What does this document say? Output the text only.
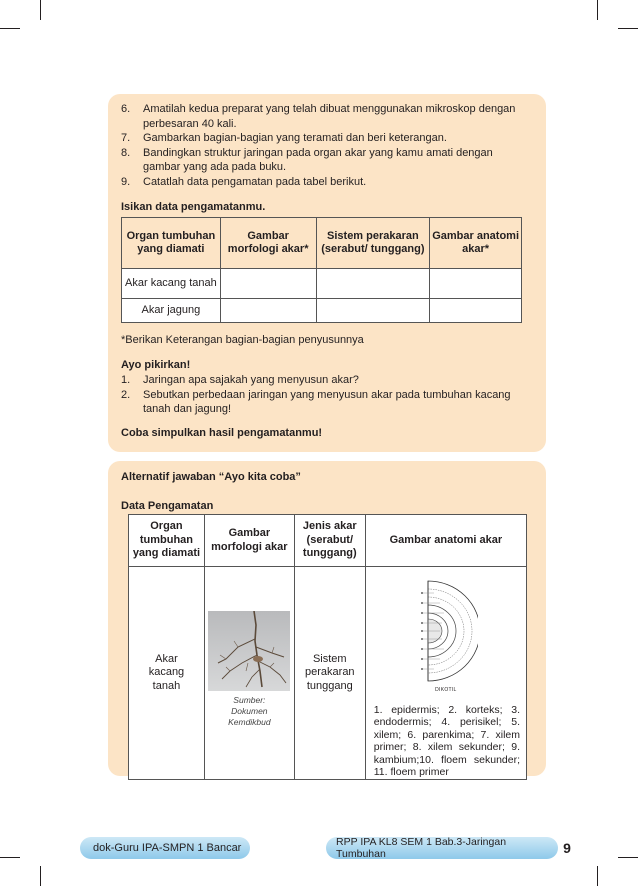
6.	Amatilah kedua preparat yang telah dibuat menggunakan mikroskop dengan perbesaran 40 kali.
7.	Gambarkan bagian-bagian yang teramati dan beri keterangan.
8.	Bandingkan struktur jaringan pada organ akar yang kamu amati dengan gambar yang ada pada buku.
9.	Catatlah data pengamatan pada tabel berikut.
Isikan data pengamatanmu.
Organ tumbuhan yang diamati	Gambar morfologi akar*	Sistem perakaran (serabut/ tunggang)	Gambar anatomi akar*
Akar kacang tanah			
Akar jagung			
*Berikan Keterangan bagian-bagian penyusunnya
Ayo pikirkan!
1.	Jaringan apa sajakah yang menyusun akar?
2.	Sebutkan perbedaan jaringan yang menyusun akar pada tumbuhan kacang tanah dan jagung!
Coba simpulkan hasil pengamatanmu!
Alternatif jawaban “Ayo kita coba”
Data Pengamatan
Organ tumbuhan yang diamati	Gambar morfologi akar	Jenis akar (serabut/ tunggang)	Gambar anatomi akar

Akar kacang tanah	Sumber: Dokumen Kemdikbud	Sistem perakaran tunggang	DIKOTIL
1. epidermis; 2. korteks; 3. endodermis; 4. perisikel; 5. xilem; 6. parenkima; 7. xilem primer; 8. xilem sekunder; 9. kambium;10. floem sekunder; 11. floem primer
dok-Guru IPA-SMPN 1 Bancar	RPP IPA KL8 SEM 1 Bab.3-Jaringan Tumbuhan	9
